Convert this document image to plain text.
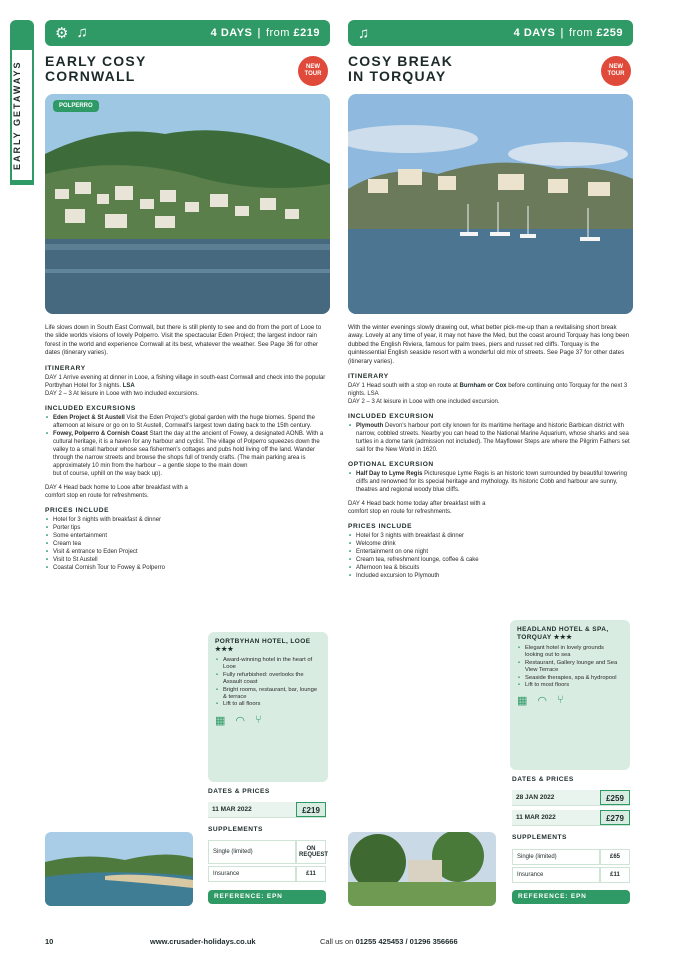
EARLY GETAWAYS
⚙ ♫	4 DAYS | from £219
EARLY COSY
CORNWALL
NEW TOUR
POLPERRO
Life slows down in South East Cornwall, but there is still plenty to see and do from the port of Looe to the slide worlds visions of lovely Polperro. Visit the spectacular Eden Project; the largest indoor rain forest in the world and experience Cornwall at its best, whatever the weather. See Page 36 for other dates (itinerary varies).
ITINERARY
DAY 1 Arrive evening at dinner in Looe, a fishing village in south-east Cornwall and check into the popular Portbyhan Hotel for 3 nights. LSA
DAY 2 – 3 At leisure in Looe with two included excursions.
INCLUDED EXCURSIONS
• Eden Project & St Austell Visit the Eden Project's global garden with the huge biomes. Spend the afternoon at leisure or go on to St Austell, Cornwall's largest town dating back to the 15th century.
• Fowey, Polperro & Cornish Coast Start the day at the ancient of Fowey, a designated AONB. With a cultural heritage, it is a haven for any harbour and cyclist. The village of Polperro squeezes down the valley to a small harbour whose sea fishermen's cottages and pubs hold living off the land. Wander through the narrow streets and browse the shops full of trendy crafts. (The main parking area is approximately 10 min from the harbour – a gentle slope to the main down
but of course, uphill on the way back up).
DAY 4 Head back home to Looe after breakfast with a comfort stop en route for refreshments.
PRICES INCLUDE
• Hotel for 3 nights with breakfast & dinner
• Porter tips
• Some entertainment
• Cream tea
• Visit & entrance to Eden Project
• Visit to St Austell
• Coastal Cornish Tour to Fowey & Polperro
PORTBYHAN HOTEL, LOOE ★★★
• Award-winning hotel in the heart of Looe
• Fully refurbished: overlooks the Assault coast
• Bright rooms, restaurant, bar, lounge & terrace
• Lift to all floors
▦ ◠ ⑂
DATES & PRICES
11 MAR 2022	£219
SUPPLEMENTS
Single (limited)	ON REQUEST
Insurance	£11
REFERENCE: EPN
♫	4 DAYS | from £259
COSY BREAK
IN TORQUAY
NEW TOUR
With the winter evenings slowly drawing out, what better pick-me-up than a revitalising short break away. Lovely at any time of year, it may not have the Med, but the coast around Torquay has long been dubbed the English Riviera, famous for palm trees, piers and russet red cliffs. Torquay is the quintessential English seaside resort with a wonderful old mix of streets. See Page 37 for other dates (itinerary varies).
ITINERARY
DAY 1 Head south with a stop en route at Burnham or Cox before continuing onto Torquay for the next 3 nights. LSA
DAY 2 – 3 At leisure in Looe with one included excursion.
INCLUDED EXCURSION
• Plymouth Devon's harbour port city known for its maritime heritage and historic Barbican district with narrow, cobbled streets. Nearby you can head to the National Marine Aquarium, whose sharks and sea turtles in a dome tank (admission not included). The Mayflower Steps are where the Pilgrim Fathers set sail for the New World in 1620.
OPTIONAL EXCURSION
• Half Day to Lyme Regis Picturesque Lyme Regis is an historic town surrounded by beautiful towering cliffs and renowned for its special heritage and mythology. Its historic Cobb and harbour are sunny, theatres and regional woody blue cliffs.
DAY 4 Head back home today after breakfast with a comfort stop en route for refreshments.
PRICES INCLUDE
• Hotel for 3 nights with breakfast & dinner
• Welcome drink
• Entertainment on one night
• Cream tea, refreshment lounge, coffee & cake
• Afternoon tea & biscuits
• Included excursion to Plymouth
HEADLAND HOTEL & SPA, TORQUAY ★★★
• Elegant hotel in lovely grounds looking out to sea
• Restaurant, Gallery lounge and Sea View Terrace
• Seaside therapies, spa & hydropool
• Lift to most floors
▦ ◠ ⑂
DATES & PRICES
28 JAN 2022	£259
11 MAR 2022	£279
SUPPLEMENTS
Single (limited)	£65
Insurance	£11
REFERENCE: EPN
10	www.crusader-holidays.co.uk	Call us on 01255 425453 / 01296 356666
